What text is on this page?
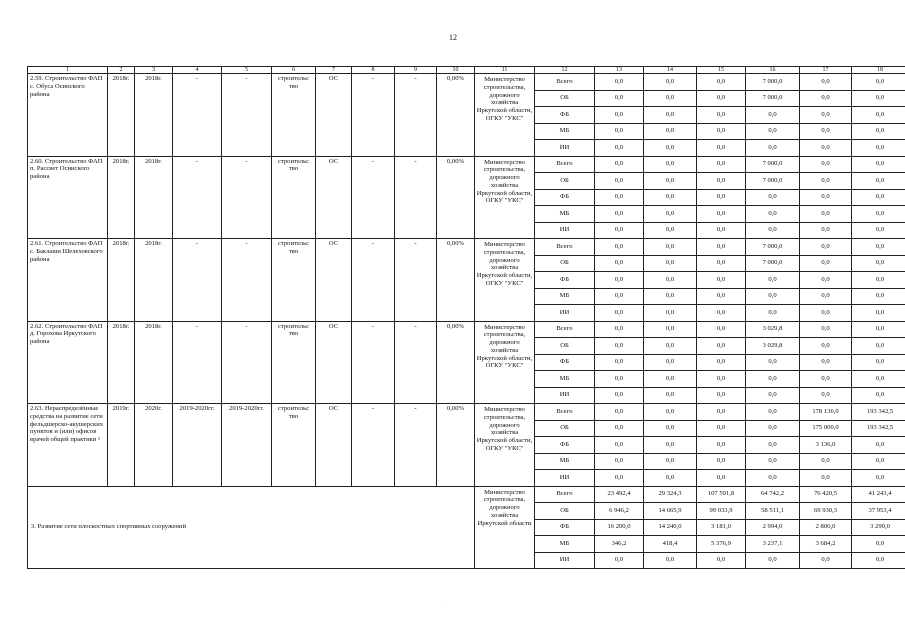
12
1	2	3	4	5	6	7	8	9	10	11	12	13	14	15	16	17	18
2.59. Строительство ФАП с. Обуса Осинского района	2018г.	2018г.	-	-	строительс тво	ОС	-	-	0,00%	Министерство строительства, дорожного хозяйства Иркутской области, ОГКУ "УКС"	Всего	0,0	0,0	0,0	7 000,0	0,0	0,0
											ОБ	0,0	0,0	0,0	7 000,0	0,0	0,0
											ФБ	0,0	0,0	0,0	0,0	0,0	0,0
											МБ	0,0	0,0	0,0	0,0	0,0	0,0
											ИИ	0,0	0,0	0,0	0,0	0,0	0,0
2.60. Строительство ФАП п. Рассвет Осинского района	2018г.	2018г.	-	-	строительс тво	ОС	-	-	0,00%	Министерство строительства, дорожного хозяйства Иркутской области, ОГКУ "УКС"	Всего	0,0	0,0	0,0	7 000,0	0,0	0,0
											ОБ	0,0	0,0	0,0	7 000,0	0,0	0,0
											ФБ	0,0	0,0	0,0	0,0	0,0	0,0
											МБ	0,0	0,0	0,0	0,0	0,0	0,0
											ИИ	0,0	0,0	0,0	0,0	0,0	0,0
2.61. Строительство ФАП с. Баклаши Шелеховского района	2018г.	2018г.	-	-	строительс тво	ОС	-	-	0,00%	Министерство строительства, дорожного хозяйства Иркутской области, ОГКУ "УКС"	Всего	0,0	0,0	0,0	7 000,0	0,0	0,0
											ОБ	0,0	0,0	0,0	7 000,0	0,0	0,0
											ФБ	0,0	0,0	0,0	0,0	0,0	0,0
											МБ	0,0	0,0	0,0	0,0	0,0	0,0
											ИИ	0,0	0,0	0,0	0,0	0,0	0,0
2.62. Строительство ФАП д. Горохова Иркутского района	2018г.	2018г.	-	-	строительс тво	ОС	-	-	0,00%	Министерство строительства, дорожного хозяйства Иркутской области, ОГКУ "УКС"	Всего	0,0	0,0	0,0	3 029,8	0,0	0,0
											ОБ	0,0	0,0	0,0	3 029,8	0,0	0,0
											ФБ	0,0	0,0	0,0	0,0	0,0	0,0
											МБ	0,0	0,0	0,0	0,0	0,0	0,0
											ИИ	0,0	0,0	0,0	0,0	0,0	0,0
2.63. Нераспределённые средства на развитие сети фельдшерско-акушерских пунктов и (или) офисов врачей общей практики ²	2019г.	2020г.	2019-2020гг.	2019-2020гг.	строительс тво	ОС	-	-	0,00%	Министерство строительства, дорожного хозяйства Иркутской области, ОГКУ "УКС"	Всего	0,0	0,0	0,0	0,0	178 136,0	193 342,5
											ОБ	0,0	0,0	0,0	0,0	175 000,0	193 342,5
											ФБ	0,0	0,0	0,0	0,0	3 136,0	0,0
											МБ	0,0	0,0	0,0	0,0	0,0	0,0
											ИИ	0,0	0,0	0,0	0,0	0,0	0,0
3. Развитие сети плоскостных спортивных сооружений										Министерство строительства, дорожного хозяйства Иркутской области	Всего	23 492,4	29 324,3	107 591,8	64 742,2	76 420,5	41 243,4
											ОБ	6 946,2	14 665,9	99 033,9	58 511,1	69 930,3	37 953,4
											ФБ	16 200,0	14 240,0	3 181,0	2 994,0	2 806,0	3 290,0
											МБ	346,2	418,4	5 376,9	3 237,1	3 684,2	0,0
											ИИ	0,0	0,0	0,0	0,0	0,0	0,0
·
